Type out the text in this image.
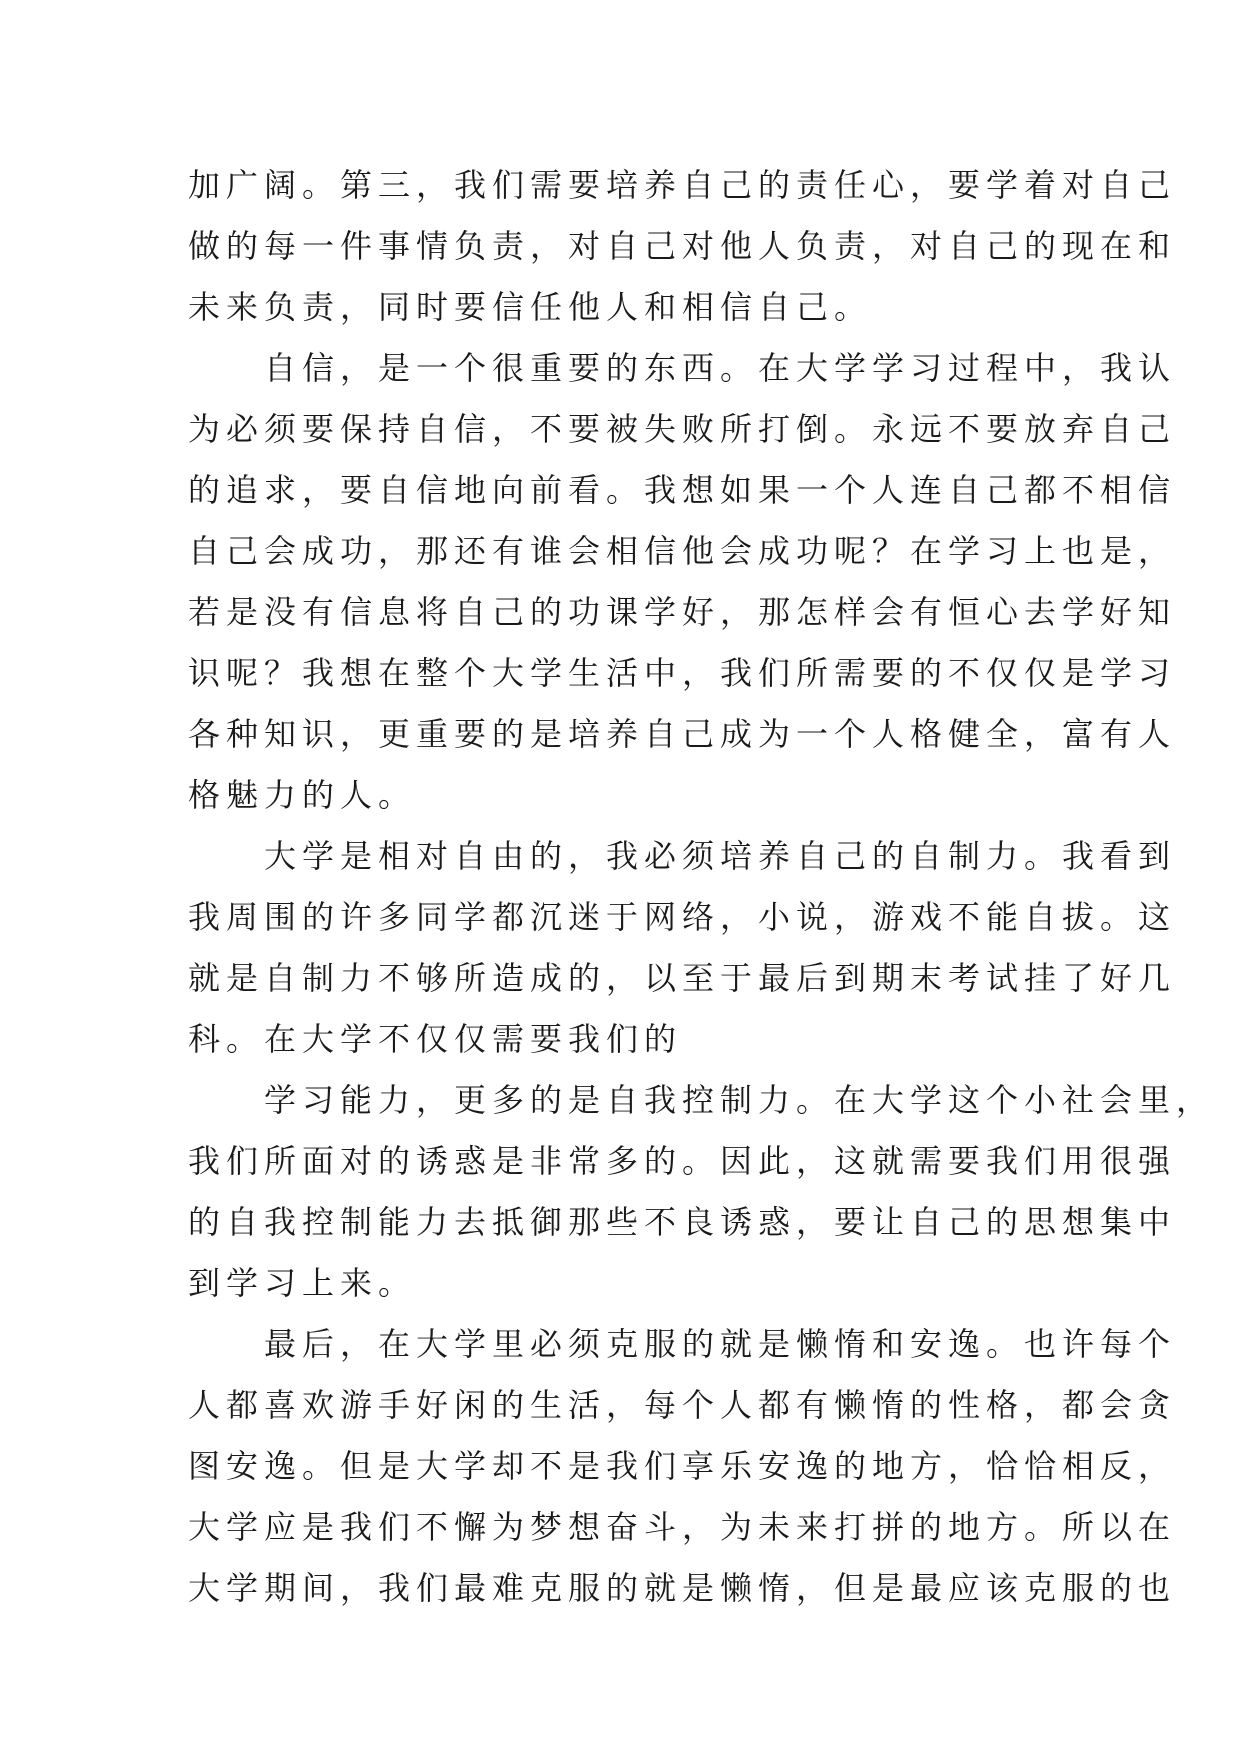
加广阔。第三，我们需要培养自己的责任心，要学着对自己
做的每一件事情负责，对自己对他人负责，对自己的现在和
未来负责，同时要信任他人和相信自己。
自信，是一个很重要的东西。在大学学习过程中，我认
为必须要保持自信，不要被失败所打倒。永远不要放弃自己
的追求，要自信地向前看。我想如果一个人连自己都不相信
自己会成功，那还有谁会相信他会成功呢？在学习上也是，
若是没有信息将自己的功课学好，那怎样会有恒心去学好知
识呢？我想在整个大学生活中，我们所需要的不仅仅是学习
各种知识，更重要的是培养自己成为一个人格健全，富有人
格魅力的人。
大学是相对自由的，我必须培养自己的自制力。我看到
我周围的许多同学都沉迷于网络，小说，游戏不能自拔。这
就是自制力不够所造成的，以至于最后到期末考试挂了好几
科。在大学不仅仅需要我们的
学习能力，更多的是自我控制力。在大学这个小社会里，
我们所面对的诱惑是非常多的。因此，这就需要我们用很强
的自我控制能力去抵御那些不良诱惑，要让自己的思想集中
到学习上来。
最后，在大学里必须克服的就是懒惰和安逸。也许每个
人都喜欢游手好闲的生活，每个人都有懒惰的性格，都会贪
图安逸。但是大学却不是我们享乐安逸的地方，恰恰相反，
大学应是我们不懈为梦想奋斗，为未来打拼的地方。所以在
大学期间，我们最难克服的就是懒惰，但是最应该克服的也
